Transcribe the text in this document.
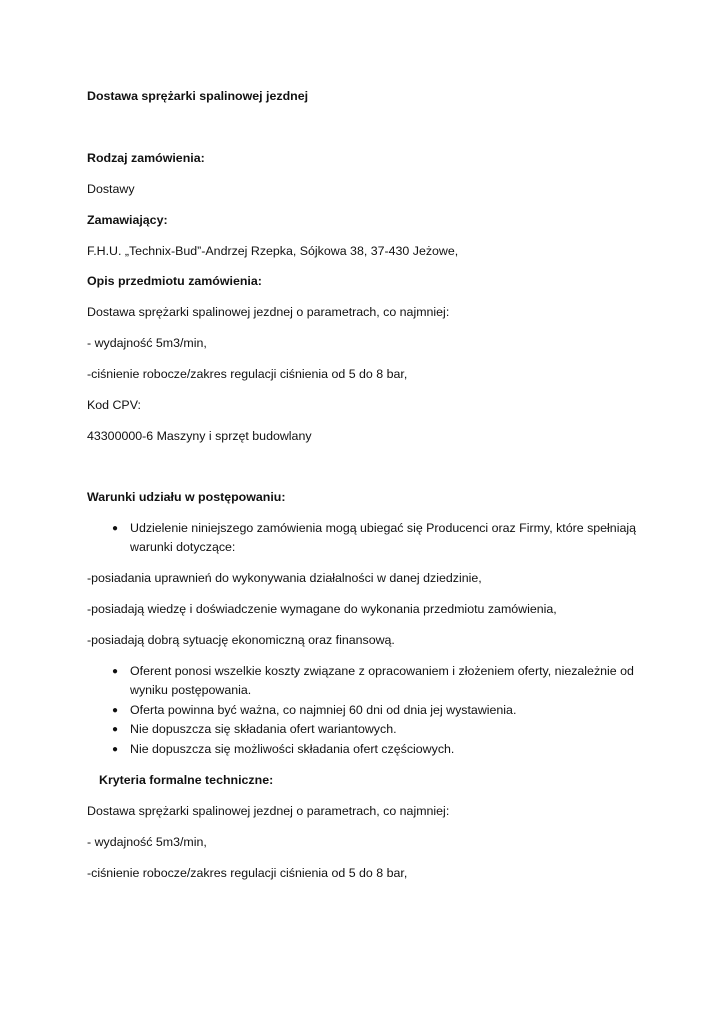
Dostawa sprężarki spalinowej jezdnej
Rodzaj zamówienia:
Dostawy
Zamawiający:
F.H.U. „Technix-Bud”-Andrzej Rzepka, Sójkowa 38, 37-430 Jeżowe,
Opis przedmiotu zamówienia:
Dostawa sprężarki spalinowej jezdnej o parametrach, co najmniej:
- wydajność 5m3/min,
-ciśnienie robocze/zakres regulacji ciśnienia od 5 do 8 bar,
Kod CPV:
43300000-6 Maszyny i sprzęt budowlany
Warunki udziału w postępowaniu:
● Udzielenie niniejszego zamówienia mogą ubiegać się Producenci oraz Firmy, które spełniają
warunki dotyczące:
-posiadania uprawnień do wykonywania działalności w danej dziedzinie,
-posiadają wiedzę i doświadczenie wymagane do wykonania przedmiotu zamówienia,
-posiadają dobrą sytuację ekonomiczną oraz finansową.
● Oferent ponosi wszelkie koszty związane z opracowaniem i złożeniem oferty, niezależnie od
wyniku postępowania.
● Oferta powinna być ważna, co najmniej 60 dni od dnia jej wystawienia.
● Nie dopuszcza się składania ofert wariantowych.
● Nie dopuszcza się możliwości składania ofert częściowych.
Kryteria formalne techniczne:
Dostawa sprężarki spalinowej jezdnej o parametrach, co najmniej:
- wydajność 5m3/min,
-ciśnienie robocze/zakres regulacji ciśnienia od 5 do 8 bar,
